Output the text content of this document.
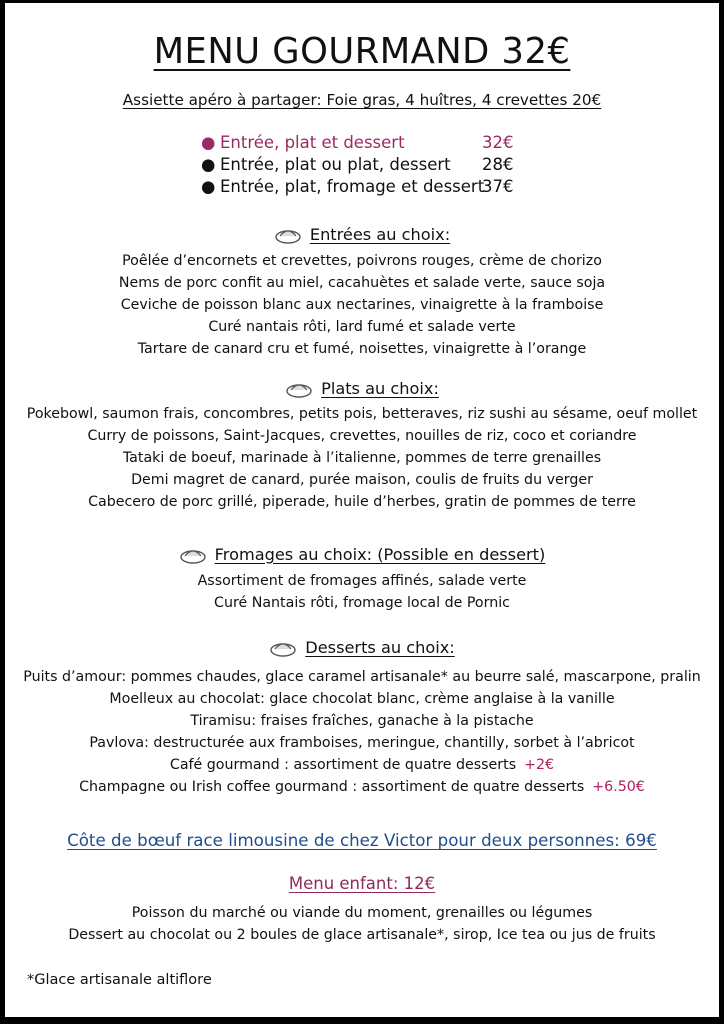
MENU GOURMAND 32€
Assiette apéro à partager: Foie gras, 4 huîtres, 4 crevettes 20€
● Entrée, plat et dessert	32€
● Entrée, plat ou plat, dessert 28€
● Entrée, plat, fromage et dessert
37€
Entrées au choix:
Poêlée d’encornets et crevettes, poivrons rouges, crème de chorizo
Nems de porc confit au miel, cacahuètes et salade verte, sauce soja
Ceviche de poisson blanc aux nectarines, vinaigrette à la framboise
Curé nantais rôti, lard fumé et salade verte
Tartare de canard cru et fumé, noisettes, vinaigrette à l’orange
Plats au choix:
Pokebowl, saumon frais, concombres, petits pois, betteraves, riz sushi au sésame, oeuf mollet
Curry de poissons, Saint-Jacques, crevettes, nouilles de riz, coco et coriandre
Tataki de boeuf, marinade à l’italienne, pommes de terre grenailles
Demi magret de canard, purée maison, coulis de fruits du verger
Cabecero de porc grillé, piperade, huile d’herbes, gratin de pommes de terre
Fromages au choix: (Possible en dessert)
Assortiment de fromages affinés, salade verte
Curé Nantais rôti, fromage local de Pornic
Desserts au choix:
Puits d’amour: pommes chaudes, glace caramel artisanale* au beurre salé, mascarpone, pralin
Moelleux au chocolat: glace chocolat blanc, crème anglaise à la vanille
Tiramisu: fraises fraîches, ganache à la pistache
Pavlova: destructurée aux framboises, meringue, chantilly, sorbet à l’abricot
Café gourmand : assortiment de quatre desserts +2€
Champagne ou Irish coffee gourmand : assortiment de quatre desserts +6.50€
Côte de bœuf race limousine de chez Victor pour deux personnes: 69€
Menu enfant: 12€
Poisson du marché ou viande du moment, grenailles ou légumes
Dessert au chocolat ou 2 boules de glace artisanale*, sirop, Ice tea ou jus de fruits
*Glace artisanale altiflore
